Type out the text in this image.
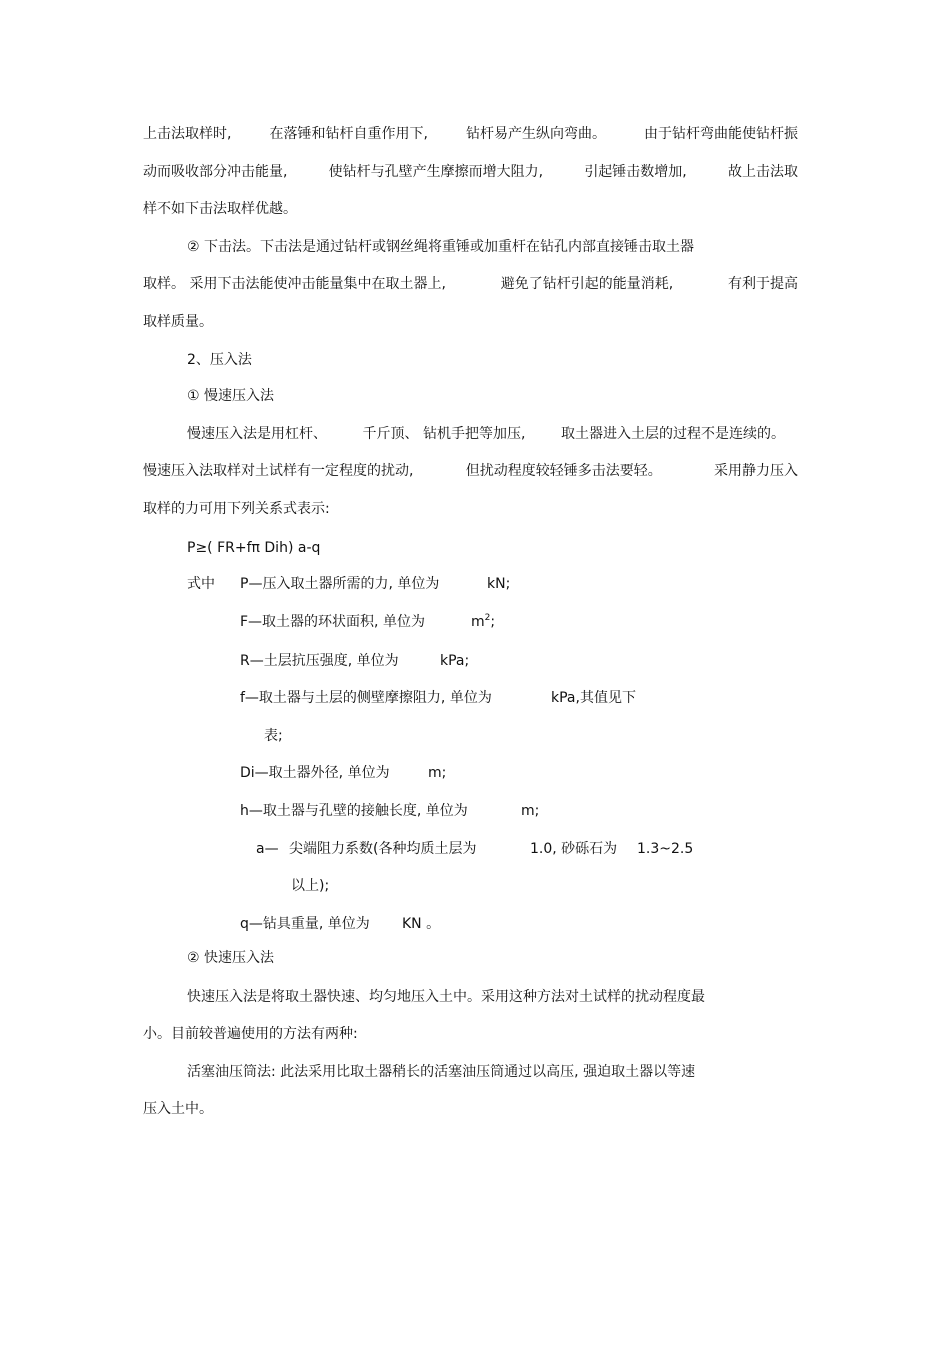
上击法取样时,	在落锤和钻杆自重作用下,	钻杆易产生纵向弯曲。	由于钻杆弯曲能使钻杆振
动而吸收部分冲击能量,	使钻杆与孔壁产生摩擦而增大阻力,	引起锤击数增加,	故上击法取
样不如下击法取样优越。
② 下击法。下击法是通过钻杆或钢丝绳将重锤或加重杆在钻孔内部直接锤击取土器
取样。 采用下击法能使冲击能量集中在取土器上,	避免了钻杆引起的能量消耗,	有利于提高
取样质量。
2、压入法
① 慢速压入法
慢速压入法是用杠杆、	千斤顶、 钻机手把等加压,	取土器进入土层的过程不是连续的。
慢速压入法取样对土试样有一定程度的扰动,	但扰动程度较轻锤多击法要轻。	采用静力压入
取样的力可用下列关系式表示:
P≥( FR+fπ Dih) a-q
式中 P—压入取土器所需的力, 单位为	kN;
F—取土器的环状面积, 单位为	$m^2$;
R—土层抗压强度, 单位为	kPa;
f—取土器与土层的侧壁摩擦阻力, 单位为	kPa,其值见下
表;
Di—取土器外径, 单位为	m;
h—取土器与孔壁的接触长度, 单位为	m;
a— 尖端阻力系数(各种均质土层为	1.0, 砂砾石为 1.3~2.5
以上);
q—钻具重量, 单位为 KN 。
② 快速压入法
快速压入法是将取土器快速、均匀地压入土中。采用这种方法对土试样的扰动程度最
小。目前较普遍使用的方法有两种:
活塞油压筒法: 此法采用比取土器稍长的活塞油压筒通过以高压, 强迫取土器以等速
压入土中。
